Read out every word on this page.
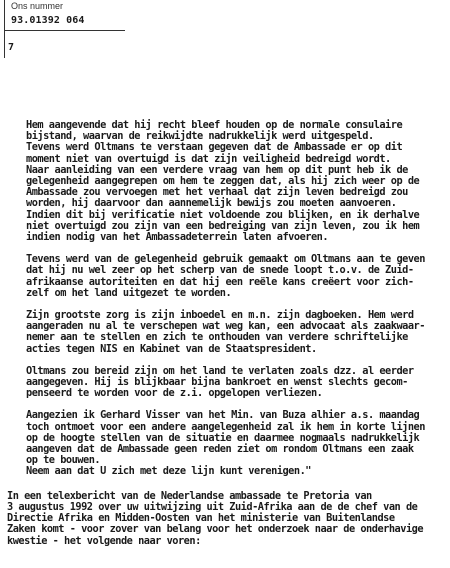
Ons nummer
93.01392 064
7
Hem aangevende dat hij recht bleef houden op de normale consulaire
bijstand, waarvan de reikwijdte nadrukkelijk werd uitgespeld.
Tevens werd Oltmans te verstaan gegeven dat de Ambassade er op dit
moment niet van overtuigd is dat zijn veiligheid bedreigd wordt.
Naar aanleiding van een verdere vraag van hem op dit punt heb ik de
gelegenheid aangegrepen om hem te zeggen dat, als hij zich weer op de
Ambassade zou vervoegen met het verhaal dat zijn leven bedreigd zou
worden, hij daarvoor dan aannemelijk bewijs zou moeten aanvoeren.
Indien dit bij verificatie niet voldoende zou blijken, en ik derhalve
niet overtuigd zou zijn van een bedreiging van zijn leven, zou ik hem
indien nodig van het Ambassadeterrein laten afvoeren.
Tevens werd van de gelegenheid gebruik gemaakt om Oltmans aan te geven
dat hij nu wel zeer op het scherp van de snede loopt t.o.v. de Zuid-
afrikaanse autoriteiten en dat hij een reële kans creëert voor zich-
zelf om het land uitgezet te worden.
Zijn grootste zorg is zijn inboedel en m.n. zijn dagboeken. Hem werd
aangeraden nu al te verschepen wat weg kan, een advocaat als zaakwaar-
nemer aan te stellen en zich te onthouden van verdere schriftelijke
acties tegen NIS en Kabinet van de Staatspresident.
Oltmans zou bereid zijn om het land te verlaten zoals dzz. al eerder
aangegeven. Hij is blijkbaar bijna bankroet en wenst slechts gecom-
penseerd te worden voor de z.i. opgelopen verliezen.
Aangezien ik Gerhard Visser van het Min. van Buza alhier a.s. maandag
toch ontmoet voor een andere aangelegenheid zal ik hem in korte lijnen
op de hoogte stellen van de situatie en daarmee nogmaals nadrukkelijk
aangeven dat de Ambassade geen reden ziet om rondom Oltmans een zaak
op te bouwen.
Neem aan dat U zich met deze lijn kunt verenigen."
In een telexbericht van de Nederlandse ambassade te Pretoria van
3 augustus 1992 over uw uitwijzing uit Zuid-Afrika aan de de chef van de
Directie Afrika en Midden-Oosten van het ministerie van Buitenlandse
Zaken komt - voor zover van belang voor het onderzoek naar de onderhavige
kwestie - het volgende naar voren:
